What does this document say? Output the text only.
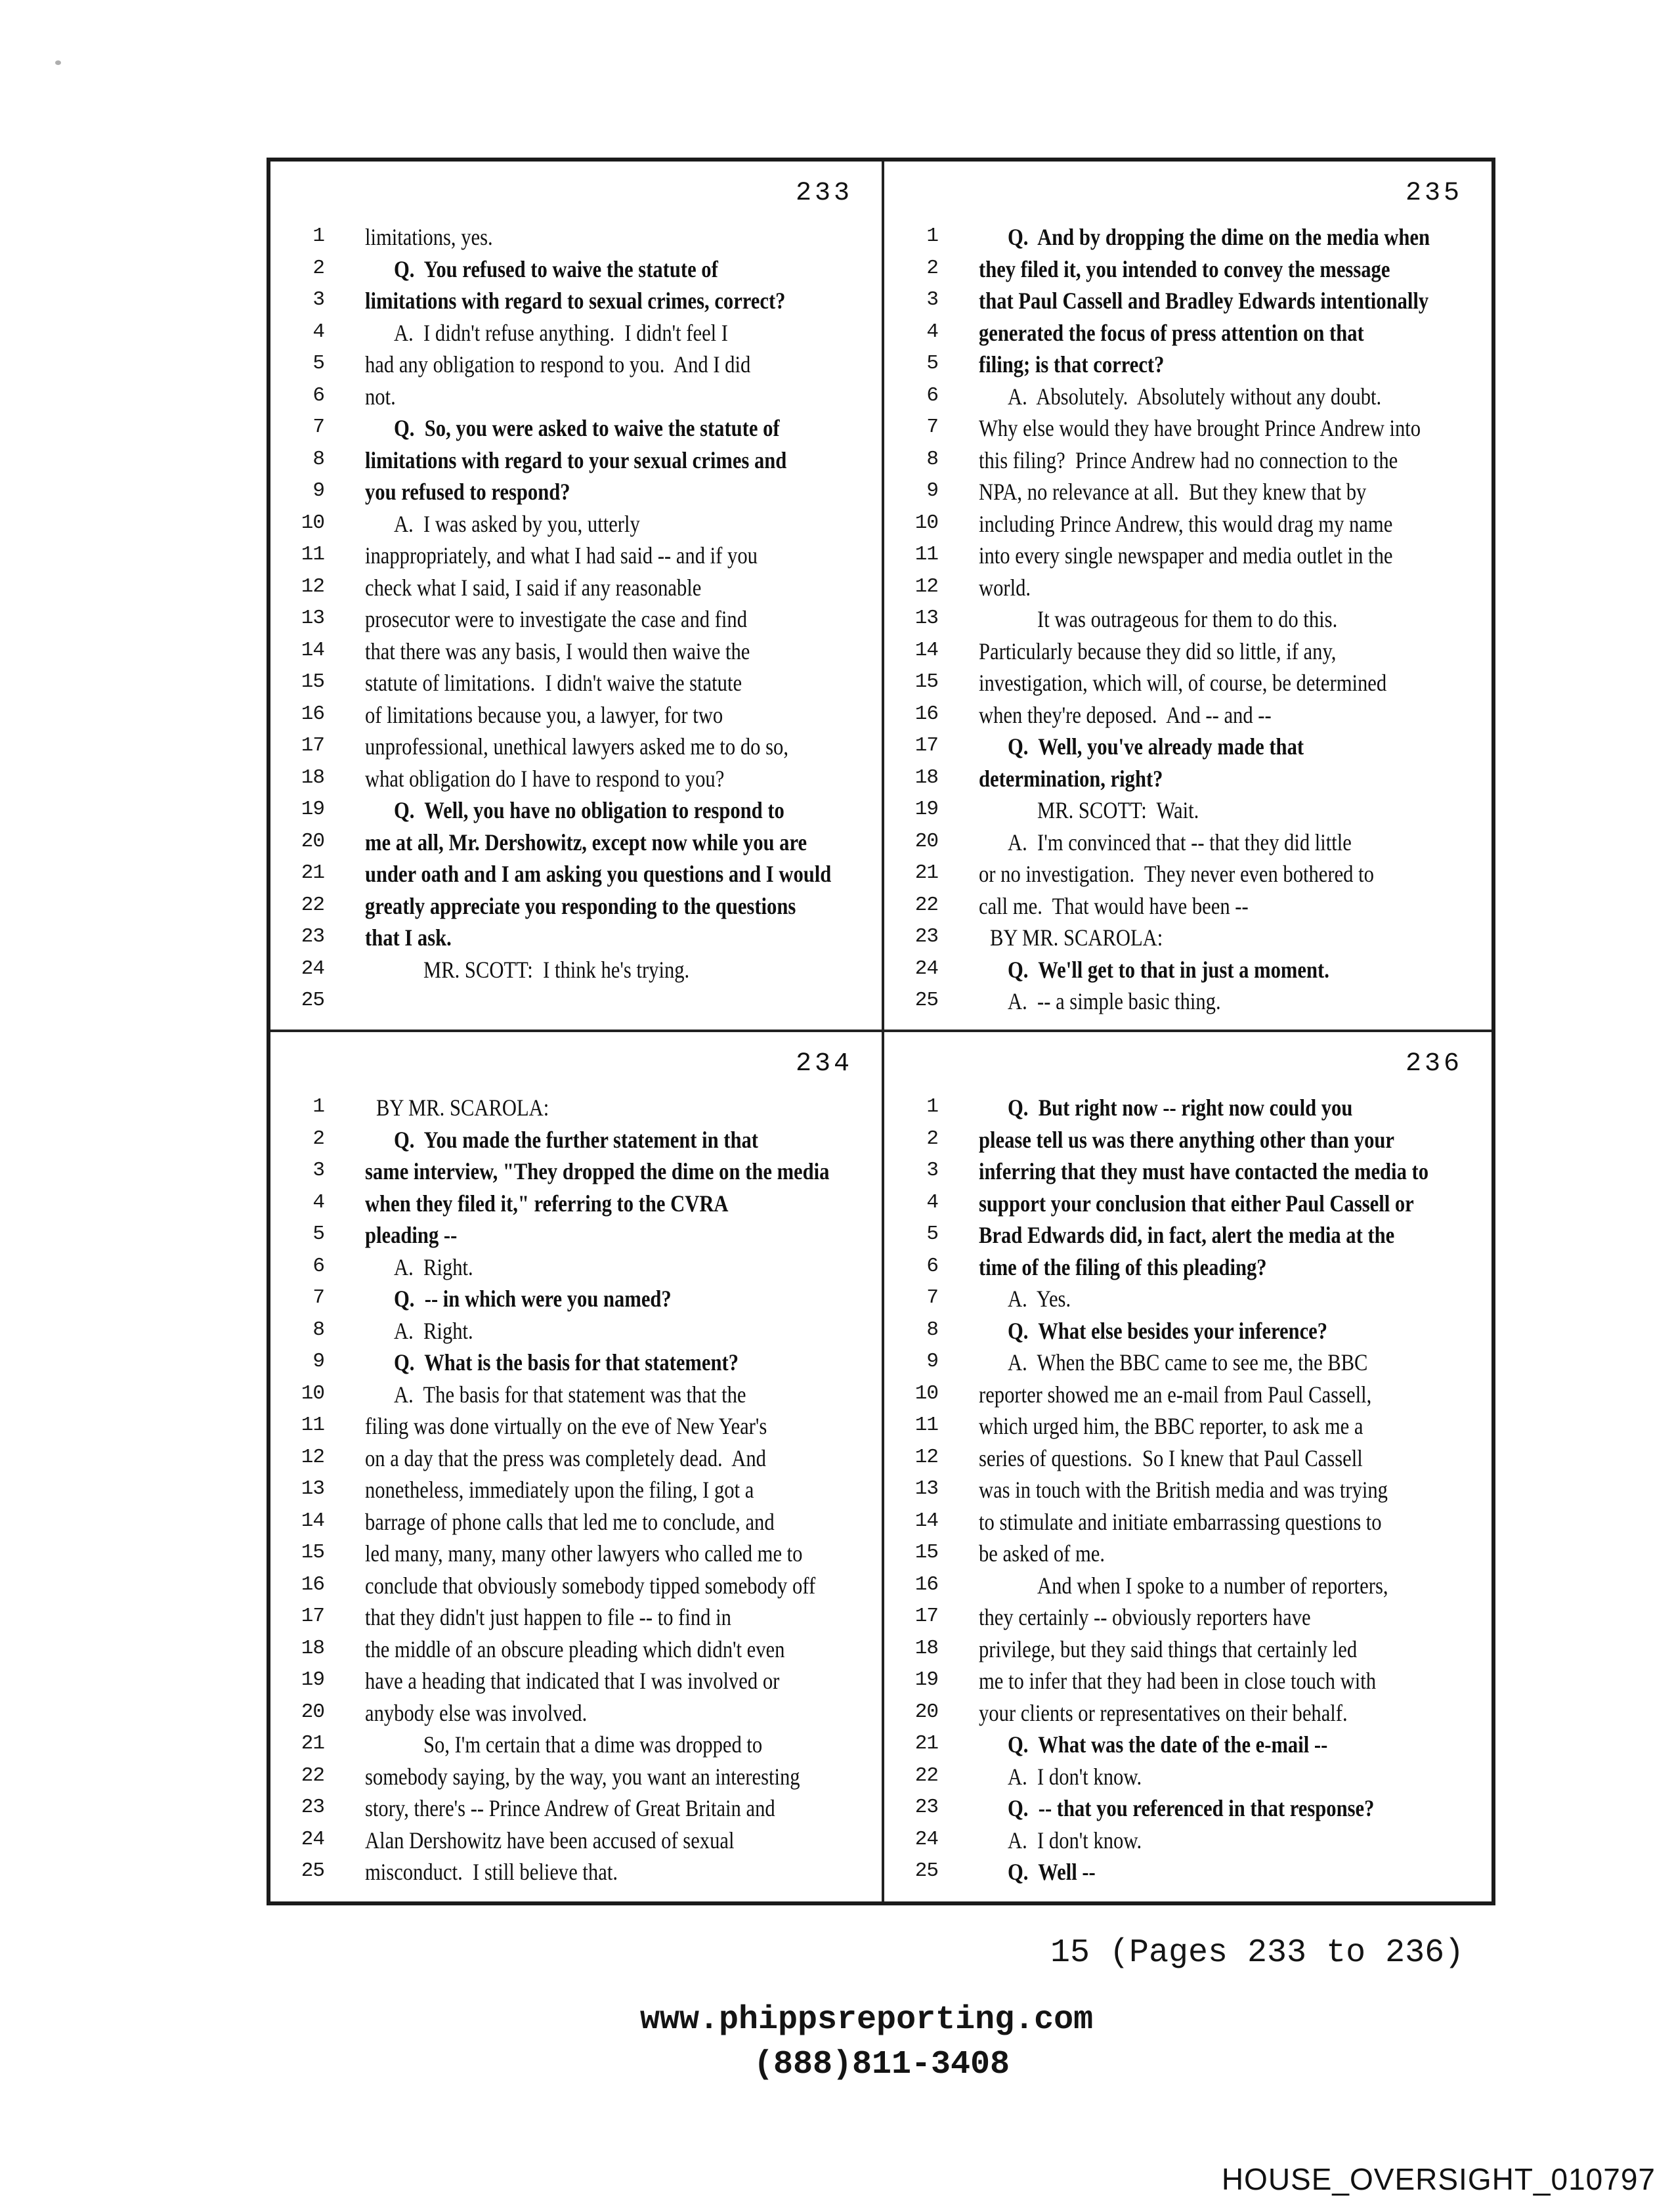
233
1 limitations, yes.
2	Q.  You refused to waive the statute of
3 limitations with regard to sexual crimes, correct?
4	A.  I didn't refuse anything.  I didn't feel I
5 had any obligation to respond to you.  And I did
6 not.
7	Q.  So, you were asked to waive the statute of
8 limitations with regard to your sexual crimes and
9 you refused to respond?
10	A.  I was asked by you, utterly
11 inappropriately, and what I had said -- and if you
12 check what I said, I said if any reasonable
13 prosecutor were to investigate the case and find
14 that there was any basis, I would then waive the
15 statute of limitations.  I didn't waive the statute
16 of limitations because you, a lawyer, for two
17 unprofessional, unethical lawyers asked me to do so,
18 what obligation do I have to respond to you?
19	Q.  Well, you have no obligation to respond to
20 me at all, Mr. Dershowitz, except now while you are
21 under oath and I am asking you questions and I would
22 greatly appreciate you responding to the questions
23 that I ask.
24	MR. SCOTT:  I think he's trying.
25
235
1	Q.  And by dropping the dime on the media when
2 they filed it, you intended to convey the message
3 that Paul Cassell and Bradley Edwards intentionally
4 generated the focus of press attention on that
5 filing; is that correct?
6	A.  Absolutely.  Absolutely without any doubt.
7 Why else would they have brought Prince Andrew into
8 this filing?  Prince Andrew had no connection to the
9 NPA, no relevance at all.  But they knew that by
10 including Prince Andrew, this would drag my name
11 into every single newspaper and media outlet in the
12 world.
13	It was outrageous for them to do this.
14 Particularly because they did so little, if any,
15 investigation, which will, of course, be determined
16 when they're deposed.  And -- and --
17	Q.  Well, you've already made that
18 determination, right?
19	MR. SCOTT:  Wait.
20	A.  I'm convinced that -- that they did little
21 or no investigation.  They never even bothered to
22 call me.  That would have been --
23 BY MR. SCAROLA:
24	Q.  We'll get to that in just a moment.
25	A.  -- a simple basic thing.
234
1 BY MR. SCAROLA:
2	Q.  You made the further statement in that
3 same interview, "They dropped the dime on the media
4 when they filed it," referring to the CVRA
5 pleading --
6	A.  Right.
7	Q.  -- in which were you named?
8	A.  Right.
9	Q.  What is the basis for that statement?
10	A.  The basis for that statement was that the
11 filing was done virtually on the eve of New Year's
12 on a day that the press was completely dead.  And
13 nonetheless, immediately upon the filing, I got a
14 barrage of phone calls that led me to conclude, and
15 led many, many, many other lawyers who called me to
16 conclude that obviously somebody tipped somebody off
17 that they didn't just happen to file -- to find in
18 the middle of an obscure pleading which didn't even
19 have a heading that indicated that I was involved or
20 anybody else was involved.
21	So, I'm certain that a dime was dropped to
22 somebody saying, by the way, you want an interesting
23 story, there's -- Prince Andrew of Great Britain and
24 Alan Dershowitz have been accused of sexual
25 misconduct.  I still believe that.
236
1	Q.  But right now -- right now could you
2 please tell us was there anything other than your
3 inferring that they must have contacted the media to
4 support your conclusion that either Paul Cassell or
5 Brad Edwards did, in fact, alert the media at the
6 time of the filing of this pleading?
7	A.  Yes.
8	Q.  What else besides your inference?
9	A.  When the BBC came to see me, the BBC
10 reporter showed me an e-mail from Paul Cassell,
11 which urged him, the BBC reporter, to ask me a
12 series of questions.  So I knew that Paul Cassell
13 was in touch with the British media and was trying
14 to stimulate and initiate embarrassing questions to
15 be asked of me.
16	And when I spoke to a number of reporters,
17 they certainly -- obviously reporters have
18 privilege, but they said things that certainly led
19 me to infer that they had been in close touch with
20 your clients or representatives on their behalf.
21	Q.  What was the date of the e-mail --
22	A.  I don't know.
23	Q.  -- that you referenced in that response?
24	A.  I don't know.
25	Q.  Well --
15 (Pages 233 to 236)
www.phippsreporting.com
(888)811-3408
HOUSE_OVERSIGHT_010797
